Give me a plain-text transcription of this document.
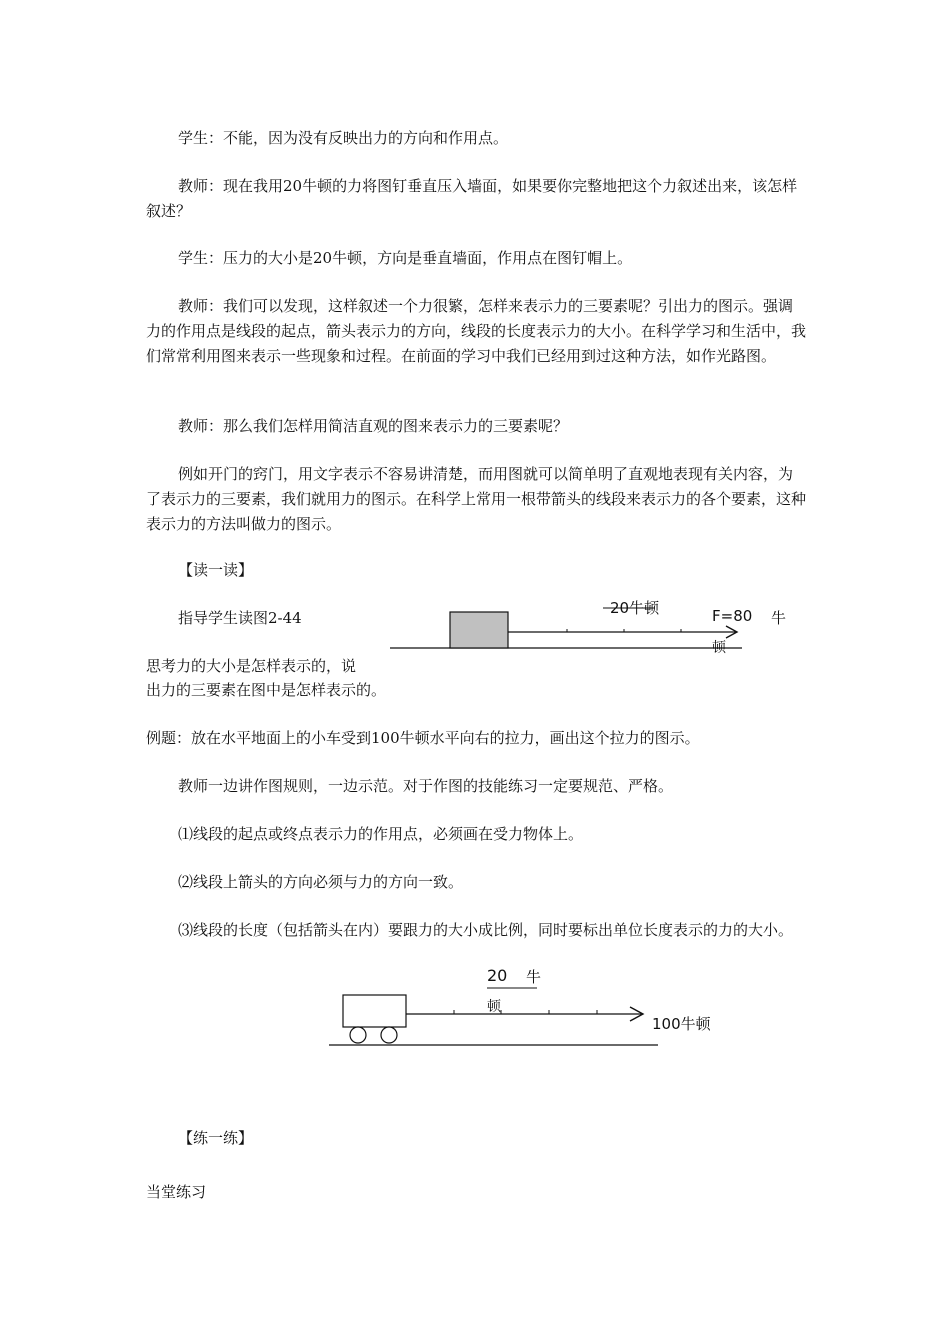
学生：不能，因为没有反映出力的方向和作用点。

教师：现在我用20牛顿的力将图钉垂直压入墙面，如果要你完整地把这个力叙述出来，该怎样叙述？

学生：压力的大小是20牛顿，方向是垂直墙面，作用点在图钉帽上。

教师：我们可以发现，这样叙述一个力很繁，怎样来表示力的三要素呢？引出力的图示。强调力的作用点是线段的起点，箭头表示力的方向，线段的长度表示力的大小。在科学学习和生活中，我们常常利用图来表示一些现象和过程。在前面的学习中我们已经用到过这种方法，如作光路图。

教师：那么我们怎样用简洁直观的图来表示力的三要素呢？

例如开门的窍门，用文字表示不容易讲清楚，而用图就可以简单明了直观地表现有关内容，为了表示力的三要素，我们就用力的图示。在科学上常用一根带箭头的线段来表示力的各个要素，这种表示力的方法叫做力的图示。

【读一读】

指导学生读图2-44

思考力的大小是怎样表示的，说

出力的三要素在图中是怎样表示的。

20牛顿	F=80 牛
顿

例题：放在水平地面上的小车受到100牛顿水平向右的拉力，画出这个拉力的图示。

教师一边讲作图规则，一边示范。对于作图的技能练习一定要规范、严格。

⑴线段的起点或终点表示力的作用点，必须画在受力物体上。

⑵线段上箭头的方向必须与力的方向一致。

⑶线段的长度（包括箭头在内）要跟力的大小成比例，同时要标出单位长度表示的力的大小。

20 牛
顿
100牛顿

【练一练】

当堂练习
